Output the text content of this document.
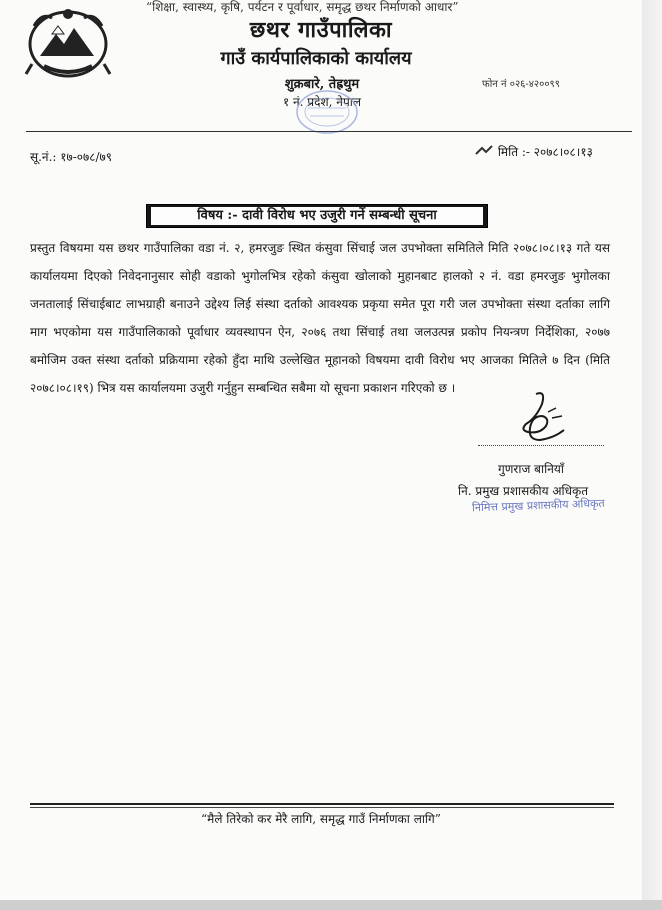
“शिक्षा, स्वास्थ्य, कृषि, पर्यटन र पूर्वाधार, समृद्ध छथर निर्माणको आधार”
छथर गाउँपालिका
गाउँ कार्यपालिकाको कार्यालय
शुक्रबारे, तेह्रथुम
१ नं. प्रदेश, नेपाल
फोन नं ०२६-४२००९९
सू.नं.: १७-०७८/७९	मिति :- २०७८।०८।१३
विषय :- दावी विरोध भए उजुरी गर्ने सम्बन्धी सूचना
प्रस्तुत विषयमा यस छथर गाउँपालिका वडा नं. २, हमरजुङ स्थित कंसुवा सिंचाई जल उपभोक्ता समितिले मिति २०७८।०८।१३ गते यस कार्यालयमा दिएको निवेदनानुसार सोही वडाको भुगोलभित्र रहेको कंसुवा खोलाको मुहानबाट हालको २ नं. वडा हमरजुङ भुगोलका जनतालाई सिंचाईबाट लाभग्राही बनाउने उद्देश्य लिई संस्था दर्ताको आवश्यक प्रकृया समेत पूरा गरी जल उपभोक्ता संस्था दर्ताका लागि माग भएकोमा यस गाउँपालिकाको पूर्वाधार व्यवस्थापन ऐन, २०७६ तथा सिंचाई तथा जलउत्पन्न प्रकोप नियन्त्रण निर्देशिका, २०७७ बमोजिम उक्त संस्था दर्ताको प्रक्रियामा रहेको हुँदा माथि उल्लेखित मूहानको विषयमा दावी विरोध भए आजका मितिले ७ दिन (मिति २०७८।०८।१९) भित्र यस कार्यालयमा उजुरी गर्नुहुन सम्बन्धित सबैमा यो सूचना प्रकाशन गरिएको छ ।
गुणराज बानियाँ
नि. प्रमुख प्रशासकीय अधिकृत
निमित्त प्रमुख प्रशासकीय अधिकृत
“मैले तिरेको कर मेरै लागि, समृद्ध गाउँ निर्माणका लागि”
